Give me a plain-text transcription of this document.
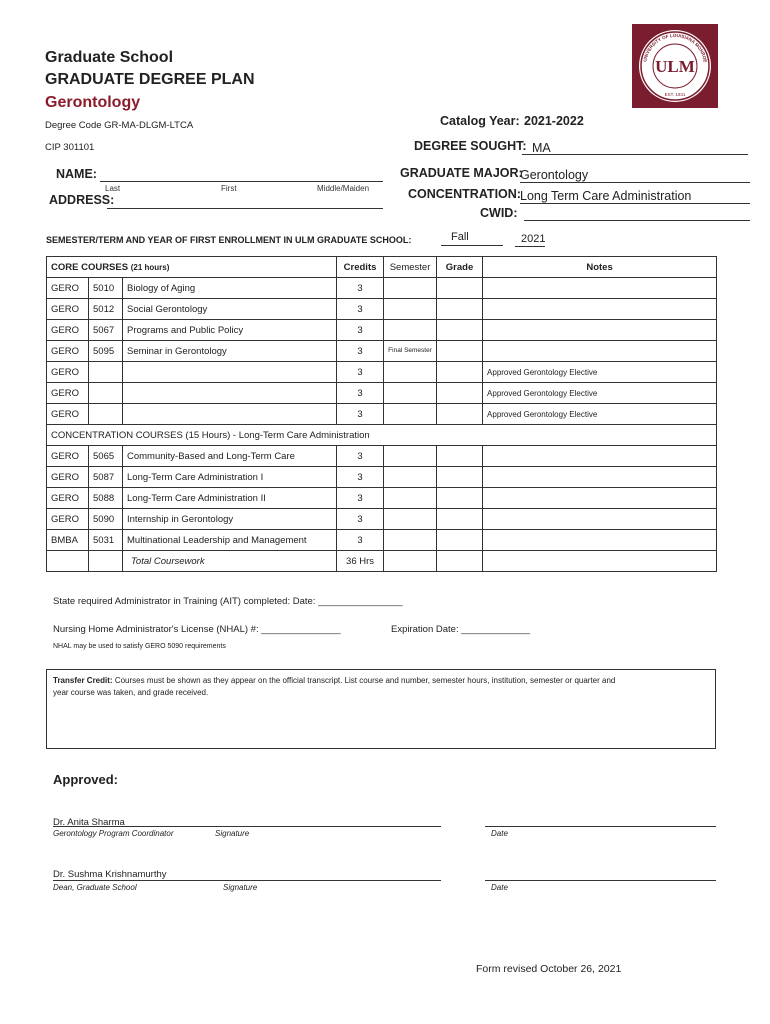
Graduate School
GRADUATE DEGREE PLAN
Gerontology
Degree Code GR-MA-DLGM-LTCA
CIP 301101
ULM
EST. 1931
UNIVERSITY OF LOUISIANA MONROE
Catalog Year: 2021-2022
DEGREE SOUGHT: MA
NAME:
Last	First	Middle/Maiden
ADDRESS:
GRADUATE MAJOR:
Gerontology
CONCENTRATION: Long Term Care Administration
CWID:
SEMESTER/TERM AND YEAR OF FIRST ENROLLMENT IN ULM GRADUATE SCHOOL:	Fall	2021
CORE COURSES (21 hours)			Credits	Semester	Grade	Notes
GERO	5010	Biology of Aging	3			
GERO	5012	Social Gerontology	3			
GERO	5067	Programs and Public Policy	3			
GERO	5095	Seminar in Gerontology	3	Final Semester		

GERO			3			Approved Gerontology Elective
GERO			3			Approved Gerontology Elective
GERO			3			Approved Gerontology Elective
CONCENTRATION COURSES (15 Hours) - Long-Term Care Administration						
GERO	5065	Community-Based and Long-Term Care	3			
GERO	5087	Long-Term Care Administration I	3			
GERO	5088	Long-Term Care Administration II	3			
GERO	5090	Internship in Gerontology	3			
BMBA	5031	Multinational Leadership and Management	3			
		Total Coursework	36 Hrs			
State required Administrator in Training (AIT) completed: Date: ________________
Nursing Home Administrator's License (NHAL) #: _______________	Expiration Date: _____________
NHAL may be used to satisfy GERO 5090 requirements
Transfer Credit: Courses must be shown as they appear on the official transcript. List course and number, semester hours, institution, semester or quarter and
year course was taken, and grade received.
Approved:
Dr. Anita Sharma
Gerontology Program Coordinator	Signature	Date
Dr. Sushma Krishnamurthy
Dean, Graduate School	Signature	Date
Form revised October 26, 2021
